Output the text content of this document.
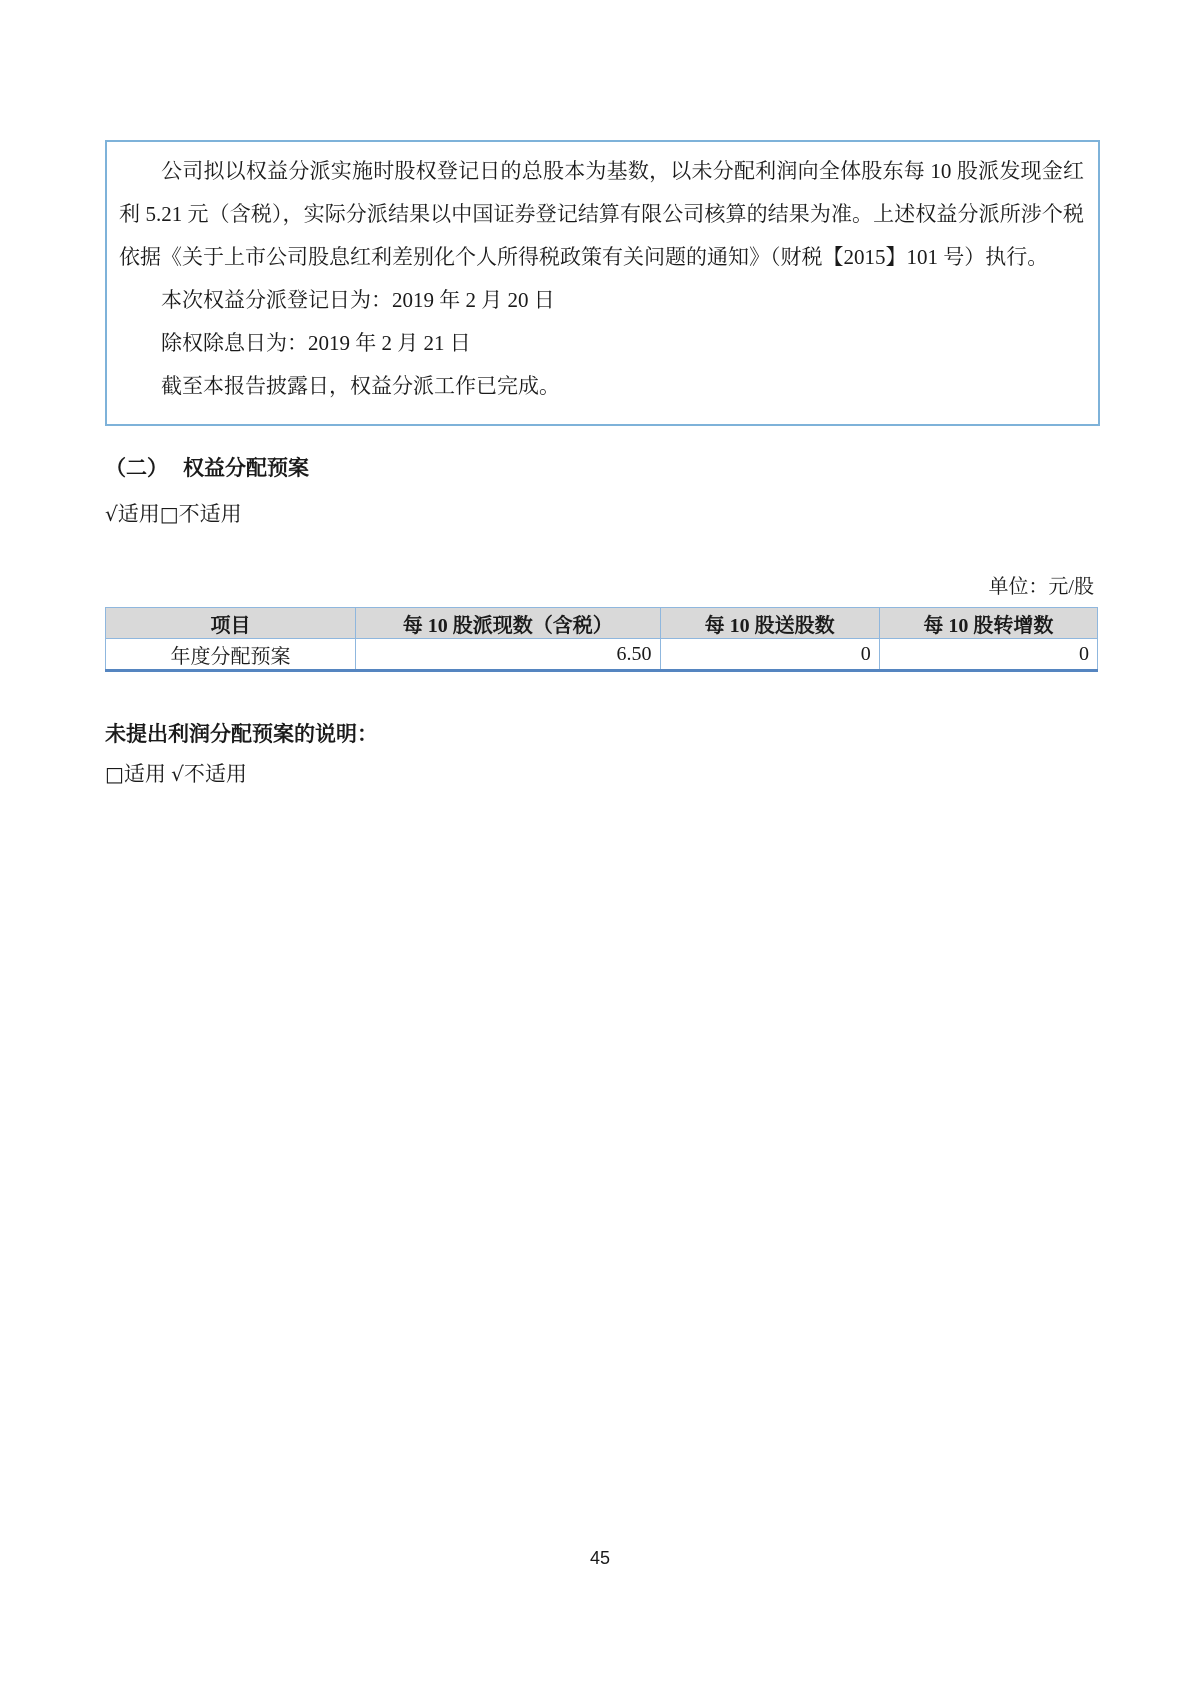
公司拟以权益分派实施时股权登记日的总股本为基数，以未分配利润向全体股东每 10 股派发现金红利 5.21 元（含税），实际分派结果以中国证券登记结算有限公司核算的结果为准。上述权益分派所涉个税依据《关于上市公司股息红利差别化个人所得税政策有关问题的通知》（财税【2015】101 号）执行。

本次权益分派登记日为：2019 年 2 月 20 日

除权除息日为：2019 年 2 月 21 日

截至本报告披露日，权益分派工作已完成。

（二） 权益分配预案
√适用□不适用
单位：元/股
项目	每 10 股派现数（含税）	每 10 股送股数	每 10 股转增数
年度分配预案	6.50	0	0
未提出利润分配预案的说明：
□适用 √不适用
45
